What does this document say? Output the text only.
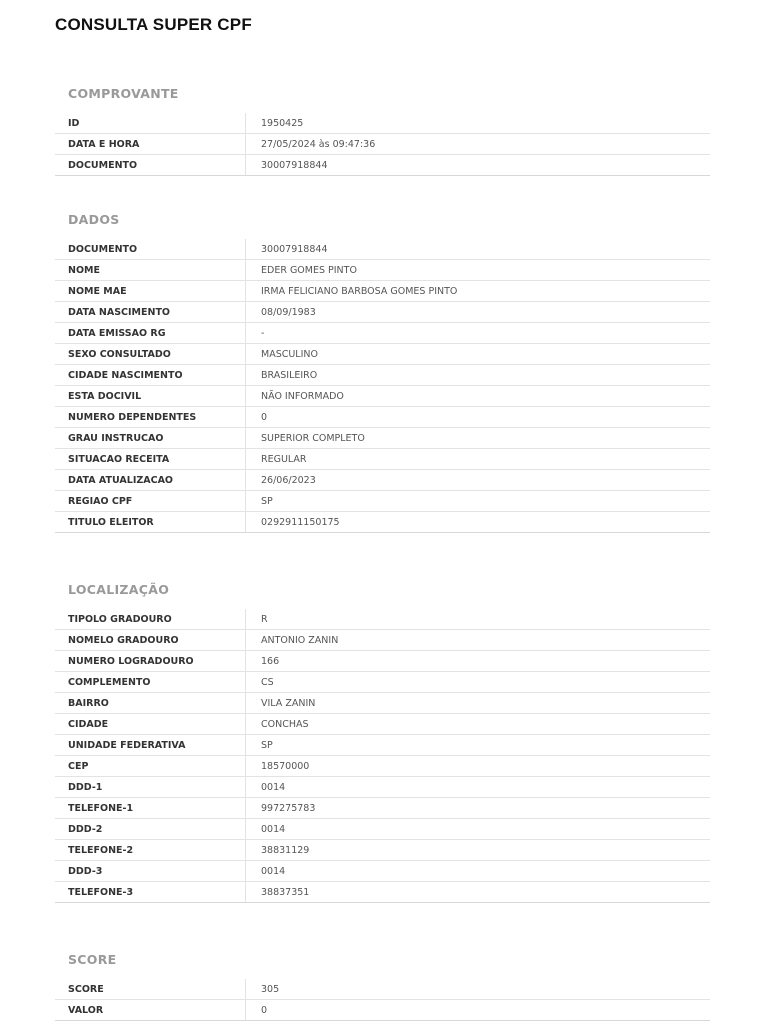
CONSULTA SUPER CPF
COMPROVANTE
ID	1950425
DATA E HORA	27/05/2024 às 09:47:36
DOCUMENTO	30007918844
DADOS
DOCUMENTO	30007918844
NOME	EDER GOMES PINTO
NOME MAE	IRMA FELICIANO BARBOSA GOMES PINTO
DATA NASCIMENTO	08/09/1983
DATA EMISSAO RG	-
SEXO CONSULTADO	MASCULINO
CIDADE NASCIMENTO	BRASILEIRO
ESTA DOCIVIL	NÃO INFORMADO
NUMERO DEPENDENTES	0
GRAU INSTRUCAO	SUPERIOR COMPLETO
SITUACAO RECEITA	REGULAR
DATA ATUALIZACAO	26/06/2023
REGIAO CPF	SP
TITULO ELEITOR	0292911150175
LOCALIZAÇÃO
TIPOLO GRADOURO	R
NOMELO GRADOURO	ANTONIO ZANIN
NUMERO LOGRADOURO	166
COMPLEMENTO	CS
BAIRRO	VILA ZANIN
CIDADE	CONCHAS
UNIDADE FEDERATIVA	SP
CEP	18570000
DDD-1	0014
TELEFONE-1	997275783
DDD-2	0014
TELEFONE-2	38831129
DDD-3	0014
TELEFONE-3	38837351
SCORE
SCORE	305
VALOR	0
